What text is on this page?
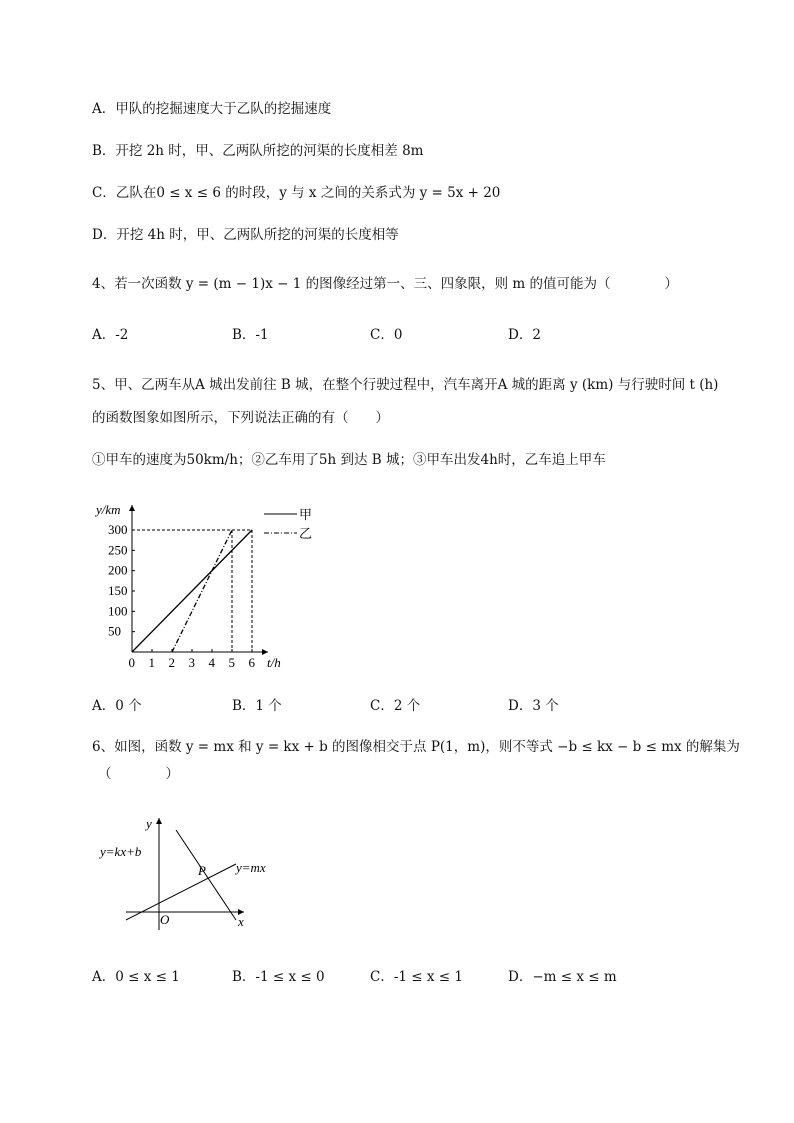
A．甲队的挖掘速度大于乙队的挖掘速度
B．开挖 2h 时，甲、乙两队所挖的河渠的长度相差 8m
C．乙队在0 ≤ x ≤ 6 的时段，y 与 x 之间的关系式为 y = 5x + 20
D．开挖 4h 时，甲、乙两队所挖的河渠的长度相等
4、若一次函数 y = (m − 1)x − 1 的图像经过第一、三、四象限，则 m 的值可能为（　　　　）
A．-2	B．-1	C．0	D．2
5、甲、乙两车从A 城出发前往 B 城，在整个行驶过程中，汽车离开A 城的距离 y (km) 与行驶时间 t (h)
的函数图象如图所示，下列说法正确的有（　　）
①甲车的速度为50km/h；②乙车用了5h 到达 B 城；③甲车出发4h时，乙车追上甲车
y/km
t/h
0 1 2 3 4 5 6
50
100
150
200
250
300
甲
乙
A．0 个	B．1 个	C．2 个	D．3 个
6、如图，函数 y = mx 和 y = kx + b 的图像相交于点 P(1，m)，则不等式 −b ≤ kx − b ≤ mx 的解集为
（　　　　）
y
x
O
P
y=kx+b
y=mx
A．0 ≤ x ≤ 1	B．-1 ≤ x ≤ 0	C．-1 ≤ x ≤ 1	D．−m ≤ x ≤ m
